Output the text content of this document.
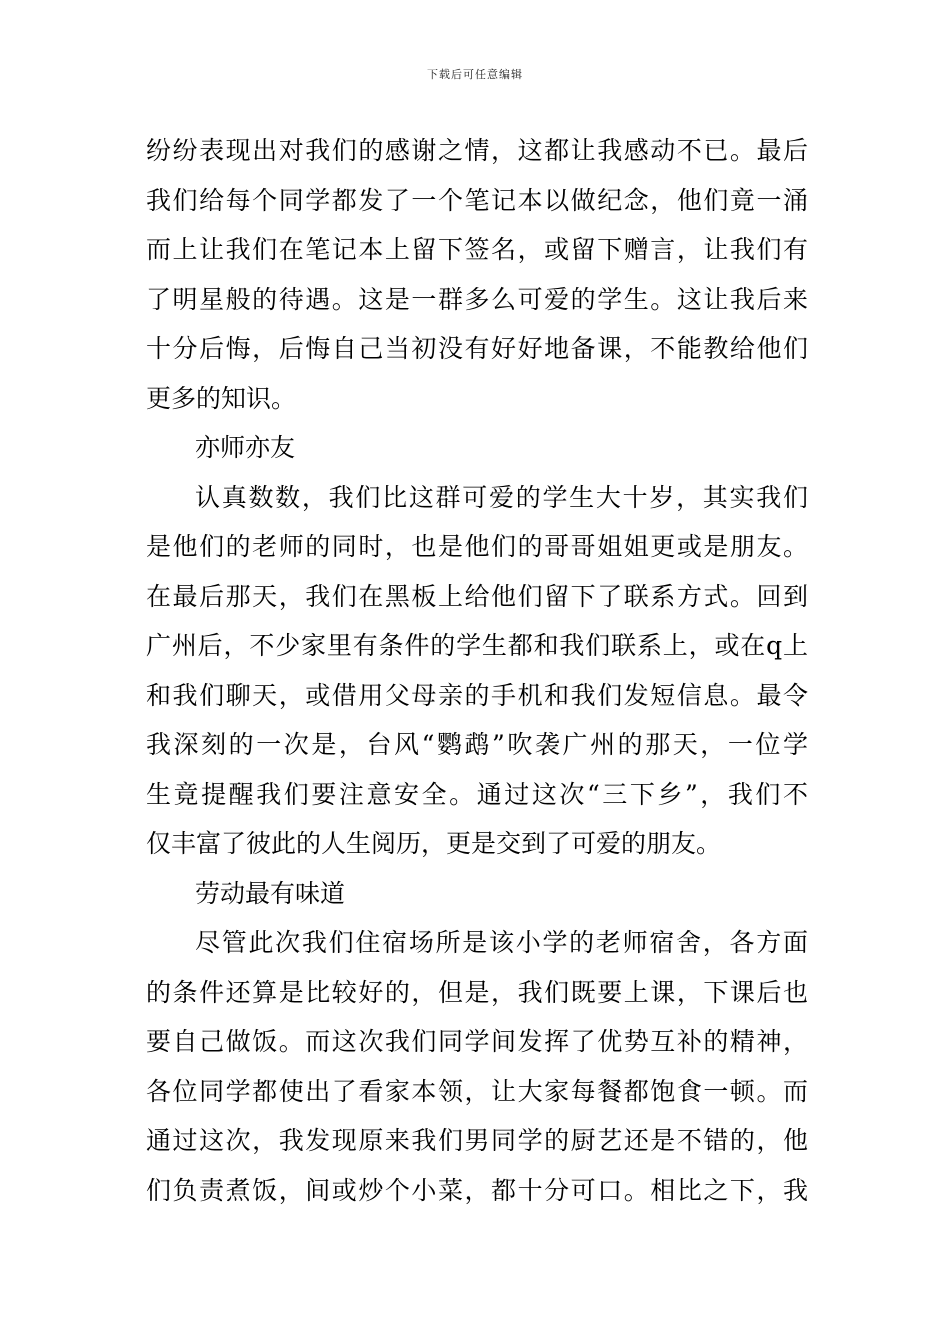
下载后可任意编辑
纷纷表现出对我们的感谢之情，这都让我感动不已。最后
我们给每个同学都发了一个笔记本以做纪念，他们竟一涌
而上让我们在笔记本上留下签名，或留下赠言，让我们有
了明星般的待遇。这是一群多么可爱的学生。这让我后来
十分后悔，后悔自己当初没有好好地备课，不能教给他们
更多的知识。
亦师亦友
认真数数，我们比这群可爱的学生大十岁，其实我们
是他们的老师的同时，也是他们的哥哥姐姐更或是朋友。
在最后那天，我们在黑板上给他们留下了联系方式。回到
广州后，不少家里有条件的学生都和我们联系上，或在q上
和我们聊天，或借用父母亲的手机和我们发短信息。最令
我深刻的一次是，台风“鹦鹉”吹袭广州的那天，一位学
生竟提醒我们要注意安全。通过这次“三下乡”，我们不
仅丰富了彼此的人生阅历，更是交到了可爱的朋友。
劳动最有味道
尽管此次我们住宿场所是该小学的老师宿舍，各方面
的条件还算是比较好的，但是，我们既要上课，下课后也
要自己做饭。而这次我们同学间发挥了优势互补的精神，
各位同学都使出了看家本领，让大家每餐都饱食一顿。而
通过这次，我发现原来我们男同学的厨艺还是不错的，他
们负责煮饭，间或炒个小菜，都十分可口。相比之下，我
